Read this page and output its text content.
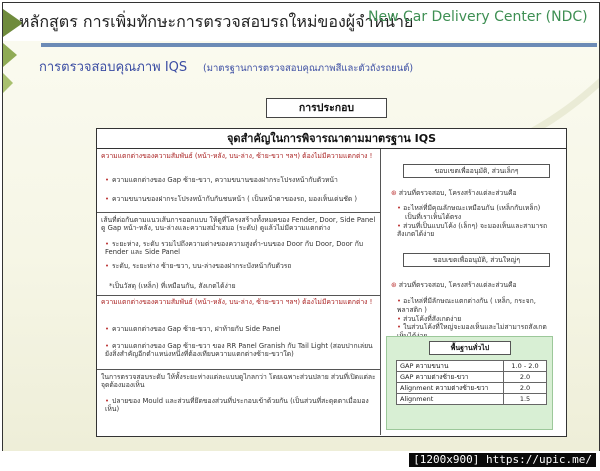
หลักสูตร การเพิ่มทักษะการตรวจสอบรถใหม่ของผู้จำหน่าย
New Car Delivery Center (NDC)
การตรวจสอบคุณภาพ IQS (มาตรฐานการตรวจสอบคุณภาพสีและตัวถังรถยนต์)
การประกอบ
จุดสำคัญในการพิจารณาตามมาตรฐาน IQS
ความแตกต่างของความสัมพันธ์ (หน้า-หลัง, บน-ล่าง, ซ้าย-ขวา ฯลฯ) ต้องไม่มีความแตกต่าง !
• ความแตกต่างของ Gap ซ้าย-ขวา, ความขนานของฝากระโปรงหน้ากับตัวหน้า
• ความขนานของฝากระโปรงหน้ากับกันชนหน้า ( เป็นหน้าตาของรถ, มองเห็นเด่นชัด )
เส้นที่ต่อกันตามแนวเส้นการออกแบบ ให้ดูที่โครงสร้างทั้งหมดของ Fender, Door, Side Panel ดู Gap หน้า-หลัง, บน-ล่างและความสม่ำเสมอ (ระดับ) ดูแล้วไม่มีความแตกต่าง
• ระยะห่าง, ระดับ รวมไปถึงความต่างของความสูงต่ำ-บนของ Door กับ Door, Door กับ Fender และ Side Panel
• ระดับ, ระยะห่าง ซ้าย-ขวา, บน-ล่างของฝากระบังหน้ากับตัวรถ
*เป็นวัสดุ (เหล็ก) ที่เหมือนกัน, สังเกตได้ง่าย
ความแตกต่างของความสัมพันธ์ (หน้า-หลัง, บน-ล่าง, ซ้าย-ขวา ฯลฯ) ต้องไม่มีความแตกต่าง !
• ความแตกต่างของ Gap ซ้าย-ขวา, ฝาท้ายกับ Side Panel
• ความแตกต่างของ Gap ซ้าย-ขวา ของ RR Panel Granish กับ Tail Light (สอบปากเล่ยนยังสิ่งสำคัญอีกตำแหน่งหนึ่งที่ต้องเทียบความแตกต่างซ้าย-ขวาใด)
ในการตรวจสอบระดับ ให้ทั้งระยะห่างแต่ละแบบดูไกลกว่า โดยเฉพาะส่วนปลาย ส่วนที่เปิดแต่ละจุดต้องมองเห็น
• ปลายของ Mould และส่วนที่ยึดของส่วนที่ประกอบเข้าด้วยกัน (เป็นส่วนที่สะดุดตาเมื่อมองเห็น)
ขอบเขตเพื่ออนุมัติ, ส่วนเล็กๆ
⊛ ส่วนที่ตรวจสอบ, โครงสร้างแต่ละส่วนคือ
• อะไหล่ที่มีคุณลักษณะเหมือนกัน (เหล็กกับเหล็ก)
เป็นที่เราเห็นได้ตรง
• ส่วนที่เป็นแบบโค้ง (เล็กๆ) จะมองเห็นและสามารถสังเกตได้ง่าย
ขอบเขตเพื่ออนุมัติ, ส่วนใหญ่ๆ
⊛ ส่วนที่ตรวจสอบ, โครงสร้างแต่ละส่วนคือ
• อะไหล่ที่มีลักษณะแตกต่างกัน ( เหล็ก, กระจก, พลาสติก )
• ส่วนโค้งที่สังเกตง่าย
• ในส่วนโค้งที่ใหญ่จะมองเห็นและไม่สามารถสังเกต
พื้นฐานทั่วไป
GAP ความขนาน	1.0 - 2.0
GAP ความต่างซ้าย-ขวา	2.0
Alignment ความต่างซ้าย-ขวา	2.0
Alignment	1.5
[1200x900] https://upic.me/
